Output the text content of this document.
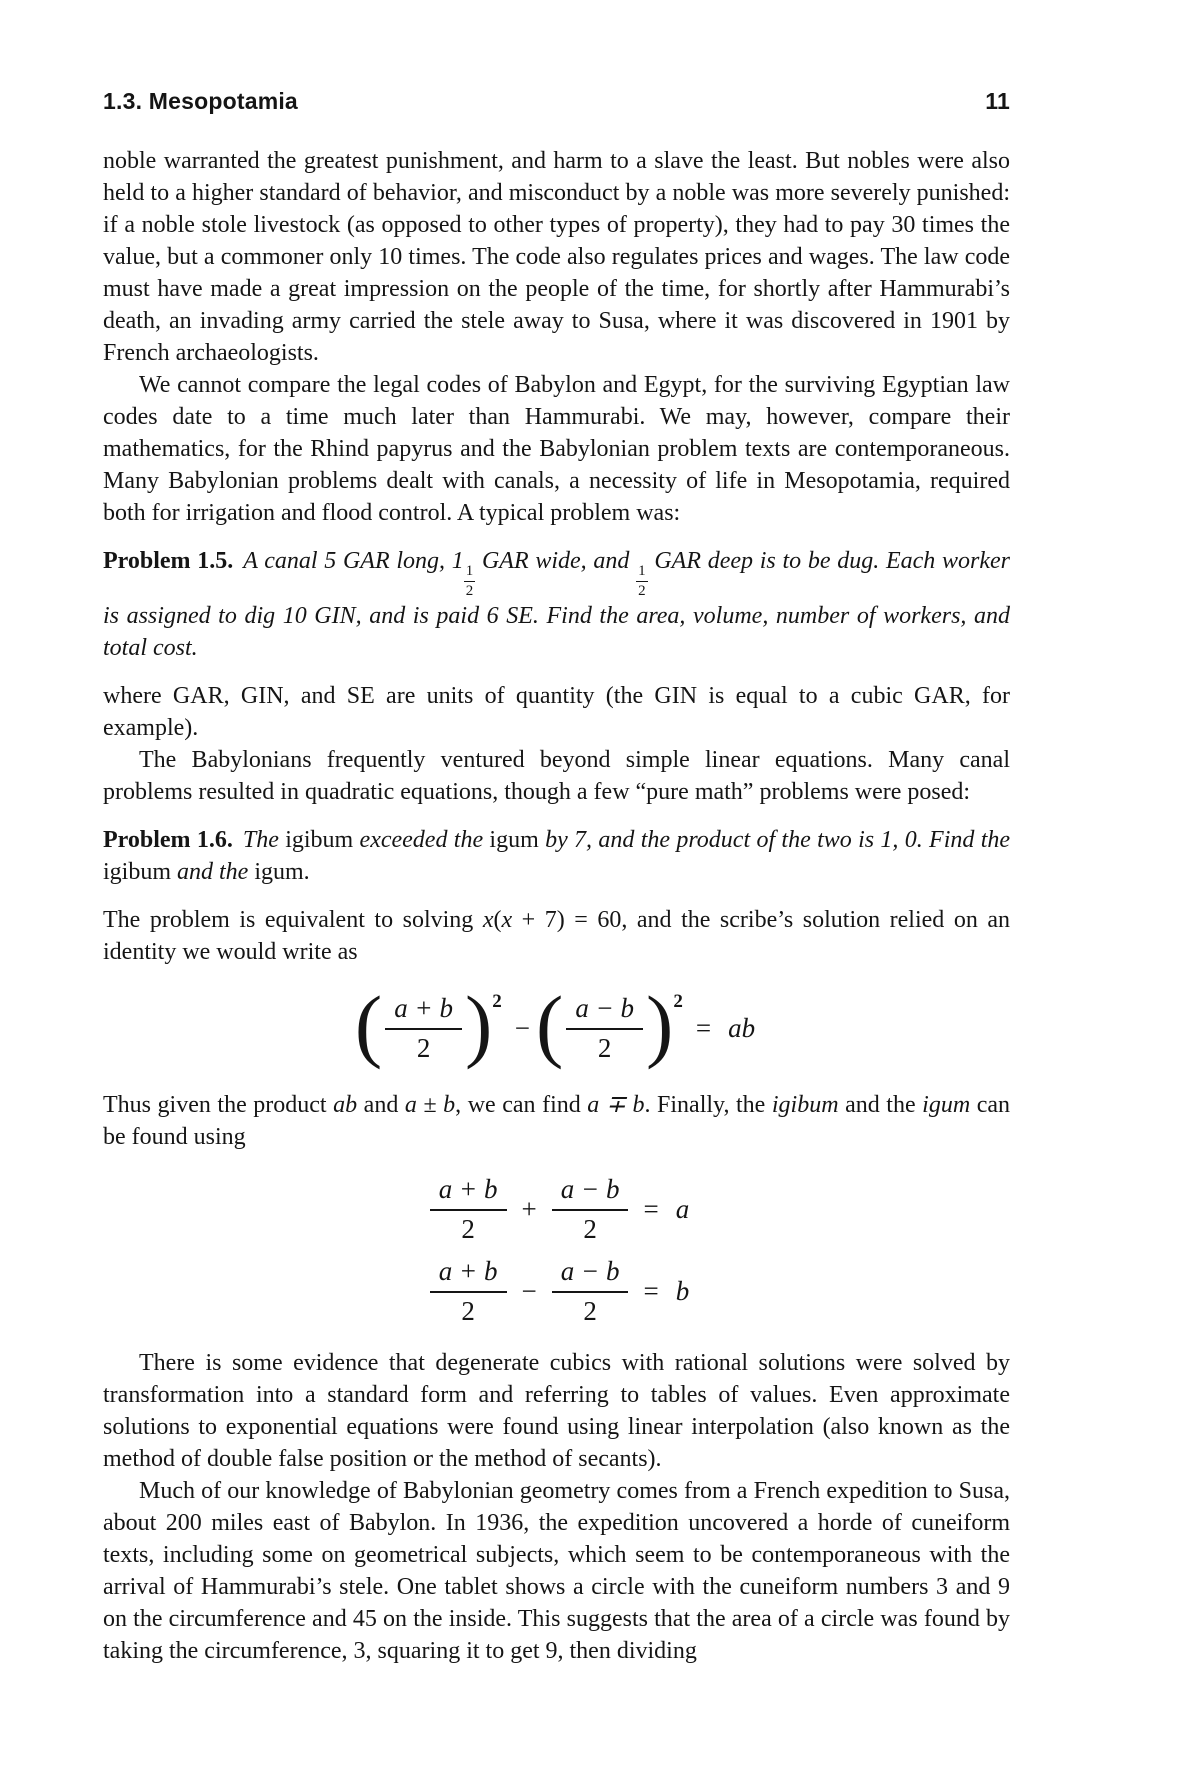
1.3. Mesopotamia	11

noble warranted the greatest punishment, and harm to a slave the least. But nobles were also held to a higher standard of behavior, and misconduct by a noble was more severely punished: if a noble stole livestock (as opposed to other types of property), they had to pay 30 times the value, but a commoner only 10 times. The code also regulates prices and wages. The law code must have made a great impression on the people of the time, for shortly after Hammurabi’s death, an invading army carried the stele away to Susa, where it was discovered in 1901 by French archaeologists.

We cannot compare the legal codes of Babylon and Egypt, for the surviving Egyptian law codes date to a time much later than Hammurabi. We may, however, compare their mathematics, for the Rhind papyrus and the Babylonian problem texts are contemporaneous. Many Babylonian problems dealt with canals, a necessity of life in Mesopotamia, required both for irrigation and flood control. A typical problem was:

Problem 1.5. A canal 5 GAR long, 1
$\frac{1}{2}$
GAR wide, and
$\frac{1}{2}$
GAR deep is to be dug. Each worker is assigned to dig 10 GIN, and is paid 6 SE. Find the area, volume, number of workers, and total cost.

where GAR, GIN, and SE are units of quantity (the GIN is equal to a cubic GAR, for example).

The Babylonians frequently ventured beyond simple linear equations. Many canal problems resulted in quadratic equations, though a few “pure math” problems were posed:

Problem 1.6. The igibum exceeded the igum by 7, and the product of the two is 1, 0. Find the igibum and the igum.

The problem is equivalent to solving x(x + 7) = 60, and the scribe’s solution relied on an identity we would write as

( $\frac{a + b}{2}$ ) 2
− ( $\frac{a - b}{2}$ ) 2
= ab

Thus given the product ab and a ± b, we can find a ∓ b. Finally, the igibum and the igum can be found using

$\frac{a + b}{2} + \frac{a - b}{2} = a$
$\frac{a + b}{2} - \frac{a - b}{2} = b$

There is some evidence that degenerate cubics with rational solutions were solved by transformation into a standard form and referring to tables of values. Even approximate solutions to exponential equations were found using linear interpolation (also known as the method of double false position or the method of secants).

Much of our knowledge of Babylonian geometry comes from a French expedition to Susa, about 200 miles east of Babylon. In 1936, the expedition uncovered a horde of cuneiform texts, including some on geometrical subjects, which seem to be contemporaneous with the arrival of Hammurabi’s stele. One tablet shows a circle with the cuneiform numbers 3 and 9 on the circumference and 45 on the inside. This suggests that the area of a circle was found by taking the circumference, 3, squaring it to get 9, then dividing
